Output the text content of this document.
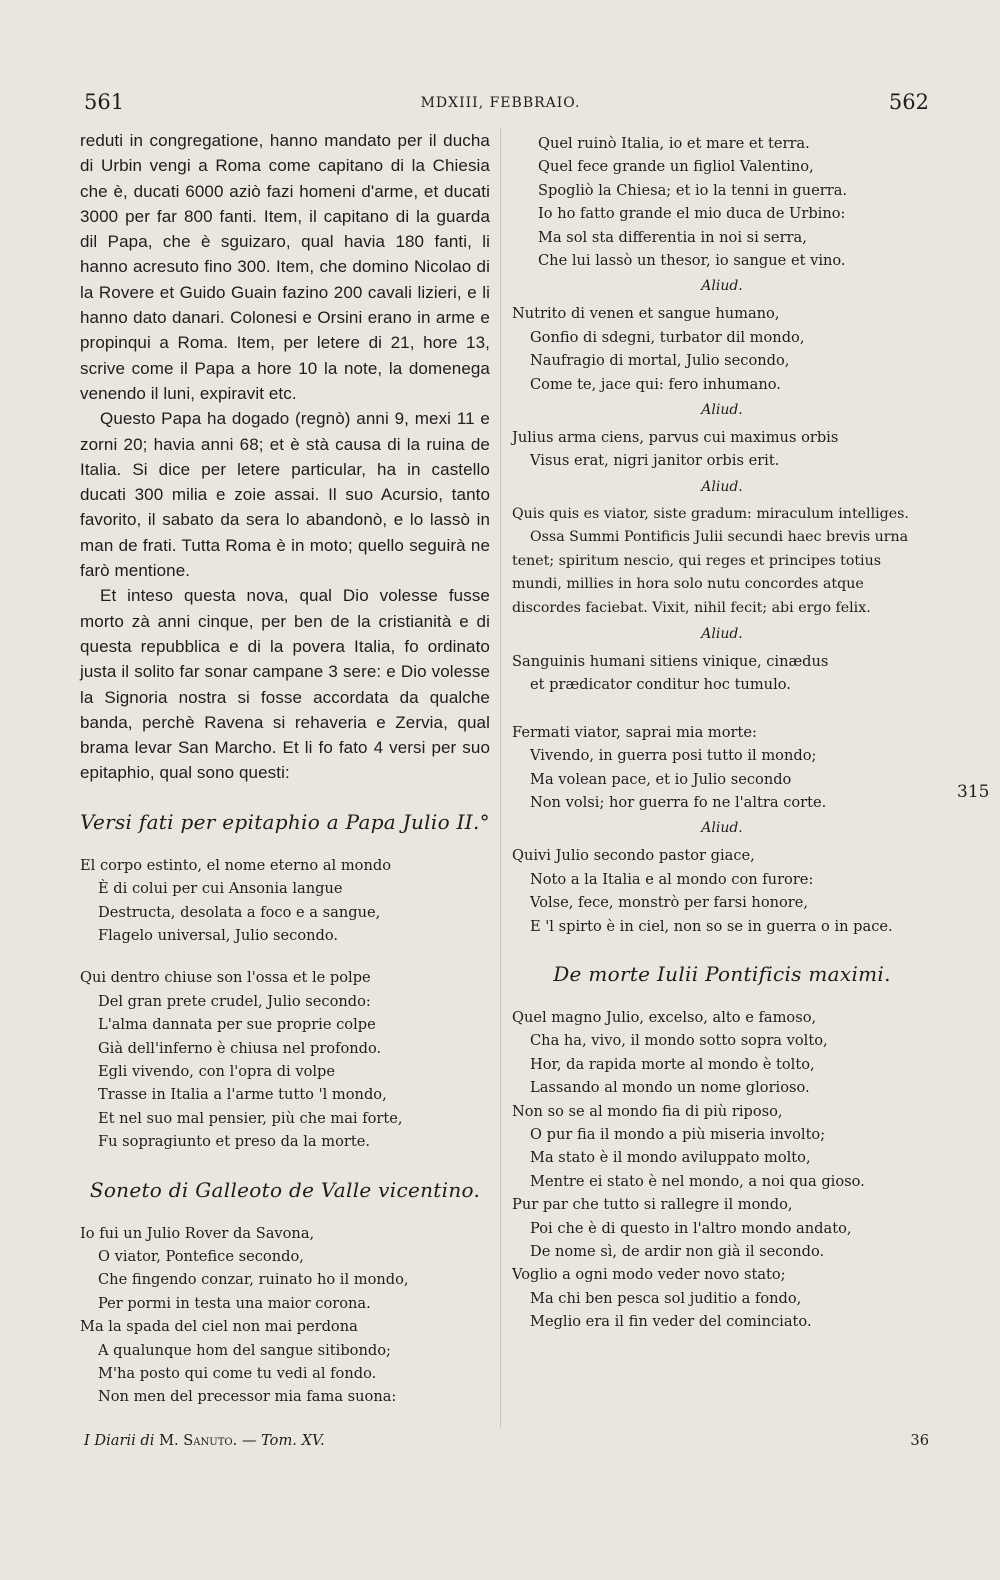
561	MDXIII, FEBBRAIO.	562

reduti in congregatione, hanno mandato per il ducha di Urbin vengi a Roma come capitano di la Chiesia che è, ducati 6000 aziò fazi homeni d'arme, et ducati 3000 per far 800 fanti. Item, il capitano di la guarda dil Papa, che è sguizaro, qual havia 180 fanti, li hanno acresuto fino 300. Item, che domino Nicolao di la Rovere et Guido Guain fazino 200 cavali lizieri, e li hanno dato danari. Colonesi e Orsini erano in arme e propinqui a Roma. Item, per letere di 21, hore 13, scrive come il Papa a hore 10 la note, la domenega venendo il luni, expiravit etc.

Questo Papa ha dogado (regnò) anni 9, mexi 11 e zorni 20; havia anni 68; et è stà causa di la ruina de Italia. Si dice per letere particular, ha in castello ducati 300 milia e zoie assai. Il suo Acursio, tanto favorito, il sabato da sera lo abandonò, e lo lassò in man de frati. Tutta Roma è in moto; quello seguirà ne farò mentione.

Et inteso questa nova, qual Dio volesse fusse morto zà anni cinque, per ben de la cristianità e di questa repubblica e di la povera Italia, fo ordinato justa il solito far sonar campane 3 sere: e Dio volesse la Signoria nostra si fosse accordata da qualche banda, perchè Ravena si rehaveria e Zervia, qual brama levar San Marcho. Et li fo fato 4 versi per suo epitaphio, qual sono questi:

Versi fati per epitaphio a Papa Julio II.°
El corpo estinto, el nome eterno al mondo
È di colui per cui Ansonia langue
Destructa, desolata a foco e a sangue,
Flagelo universal, Julio secondo.
Qui dentro chiuse son l'ossa et le polpe
Del gran prete crudel, Julio secondo:
L'alma dannata per sue proprie colpe
Già dell'inferno è chiusa nel profondo.
Egli vivendo, con l'opra di volpe
Trasse in Italia a l'arme tutto 'l mondo,
Et nel suo mal pensier, più che mai forte,
Fu sopragiunto et preso da la morte.
Soneto di Galleoto de Valle vicentino.
Io fui un Julio Rover da Savona,
O viator, Pontefice secondo,
Che fingendo conzar, ruinato ho il mondo,
Per pormi in testa una maior corona.
Ma la spada del ciel non mai perdona
A qualunque hom del sangue sitibondo;
M'ha posto qui come tu vedi al fondo.
Non men del precessor mia fama suona:
Quel ruinò Italia, io et mare et terra.
Quel fece grande un figliol Valentino,
Spogliò la Chiesa; et io la tenni in guerra.
Io ho fatto grande el mio duca de Urbino:
Ma sol sta differentia in noi si serra,
Che lui lassò un thesor, io sangue et vino.
Aliud.
Nutrito di venen et sangue humano,
Gonfio di sdegni, turbator dil mondo,
Naufragio di mortal, Julio secondo,
Come te, jace qui: fero inhumano.
Aliud.
Julius arma ciens, parvus cui maximus orbis
Visus erat, nigri janitor orbis erit.
Aliud.
Quis quis es viator, siste gradum: miraculum intelliges.
Ossa Summi Pontificis Julii secundi haec brevis urna
tenet; spiritum nescio, qui reges et principes totius
mundi, millies in hora solo nutu concordes atque
discordes faciebat. Vixit, nihil fecit; abi ergo felix.
Aliud.
Sanguinis humani sitiens vinique, cinædus
et prædicator conditur hoc tumulo.
Fermati viator, saprai mia morte:
Vivendo, in guerra posi tutto il mondo;
Ma volean pace, et io Julio secondo
Non volsi; hor guerra fo ne l'altra corte.
Aliud.
Quivi Julio secondo pastor giace,
Noto a la Italia e al mondo con furore:
Volse, fece, monstrò per farsi honore,
E 'l spirto è in ciel, non so se in guerra o in pace.
De morte Iulii Pontificis maximi.
Quel magno Julio, excelso, alto e famoso,
Cha ha, vivo, il mondo sotto sopra volto,
Hor, da rapida morte al mondo è tolto,
Lassando al mondo un nome glorioso.
Non so se al mondo fia di più riposo,
O pur fia il mondo a più miseria involto;
Ma stato è il mondo aviluppato molto,
Mentre ei stato è nel mondo, a noi qua gioso.
Pur par che tutto si rallegre il mondo,
Poi che è di questo in l'altro mondo andato,
De nome sì, de ardir non già il secondo.
Voglio a ogni modo veder novo stato;
Ma chi ben pesca sol juditio a fondo,
Meglio era il fin veder del cominciato.
315
I Diarii di M. Sanuto. — Tom. XV.	36
